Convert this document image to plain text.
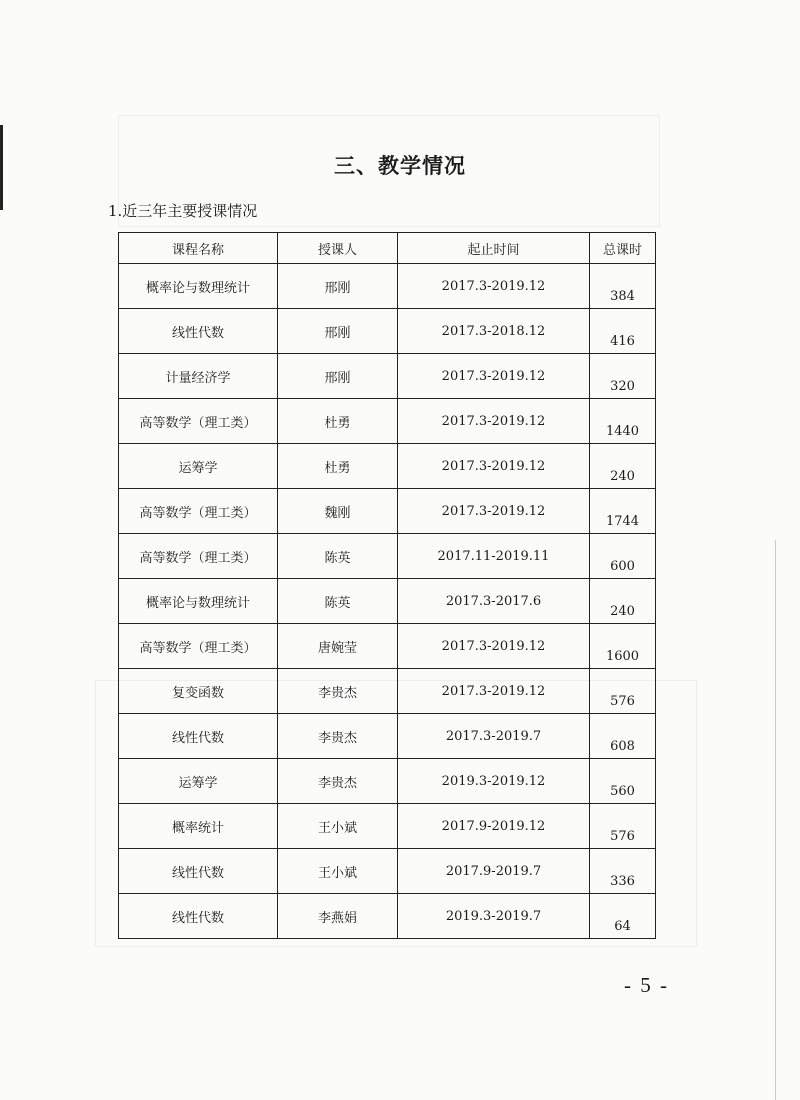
三、教学情况
1.近三年主要授课情况
课程名称	授课人	起止时间	总课时
概率论与数理统计	邢刚	2017.3-2019.12	384
线性代数	邢刚	2017.3-2018.12	416
计量经济学	邢刚	2017.3-2019.12	320
高等数学（理工类）	杜勇	2017.3-2019.12	1440
运筹学	杜勇	2017.3-2019.12	240
高等数学（理工类）	魏刚	2017.3-2019.12	1744
高等数学（理工类）	陈英	2017.11-2019.11	600
概率论与数理统计	陈英	2017.3-2017.6	240
高等数学（理工类）	唐婉莹	2017.3-2019.12	1600
复变函数	李贵杰	2017.3-2019.12	576
线性代数	李贵杰	2017.3-2019.7	608
运筹学	李贵杰	2019.3-2019.12	560
概率统计	王小斌	2017.9-2019.12	576
线性代数	王小斌	2017.9-2019.7	336
线性代数	李燕娟	2019.3-2019.7	64
- 5 -
